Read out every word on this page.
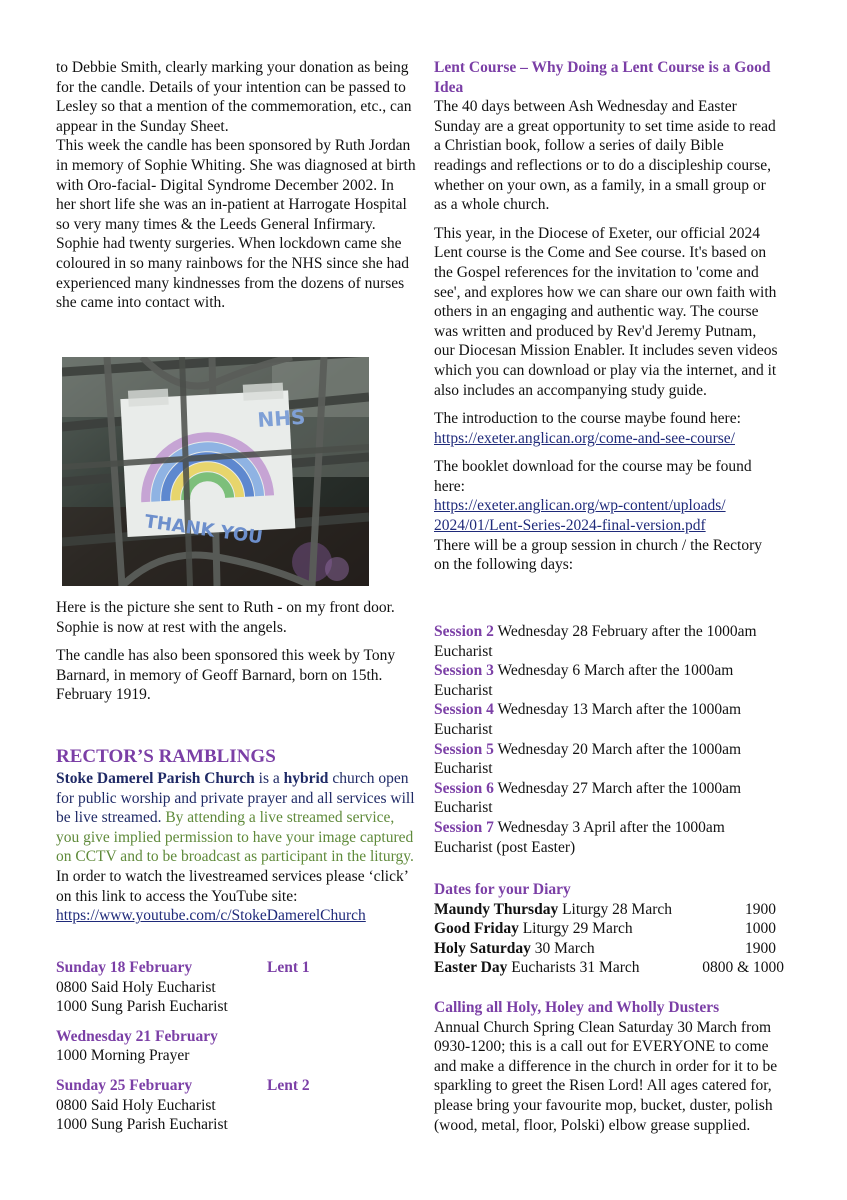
to Debbie Smith, clearly marking your donation as being for the candle. Details of your intention can be passed to Lesley so that a mention of the commemoration, etc., can appear in the Sunday Sheet.

This week the candle has been sponsored by Ruth Jordan in memory of Sophie Whiting. She was diagnosed at birth with Oro-facial- Digital Syndrome December 2002. In her short life she was an in-patient at Harrogate Hospital so very many times & the Leeds General Infirmary. Sophie had twenty surgeries. When lockdown came she coloured in so many rainbows for the NHS since she had experienced many kindnesses from the dozens of nurses she came into contact with.

Here is the picture she sent to Ruth - on my front door. Sophie is now at rest with the angels.

The candle has also been sponsored this week by Tony Barnard, in memory of Geoff Barnard, born on 15th. February 1919.

RECTOR’S RAMBLINGS

Stoke Damerel Parish Church is a hybrid church open for public worship and private prayer and all services will be live streamed. By attending a live streamed service, you give implied permission to have your image captured on CCTV and to be broadcast as participant in the liturgy.

In order to watch the livestreamed services please ‘click’ on this link to access the YouTube site:

https://www.youtube.com/c/StokeDamerelChurch
Sunday 18 February	Lent 1
0800 Said Holy Eucharist
1000 Sung Parish Eucharist
Wednesday 21 February
1000 Morning Prayer
Sunday 25 February	Lent 2
0800 Said Holy Eucharist
1000 Sung Parish Eucharist
NHS
THANK YOU
Lent Course – Why Doing a Lent Course is a Good Idea

The 40 days between Ash Wednesday and Easter Sunday are a great opportunity to set time aside to read a Christian book, follow a series of daily Bible readings and reflections or to do a discipleship course, whether on your own, as a family, in a small group or as a whole church.

This year, in the Diocese of Exeter, our official 2024 Lent course is the Come and See course. It's based on the Gospel references for the invitation to 'come and see', and explores how we can share our own faith with others in an engaging and authentic way. The course was written and produced by Rev'd Jeremy Putnam, our Diocesan Mission Enabler. It includes seven videos which you can download or play via the internet, and it also includes an accompanying study guide.

The introduction to the course maybe found here:

https://exeter.anglican.org/come-and-see-course/

The booklet download for the course may be found here:

https://exeter.anglican.org/wp-content/uploads/
2024/01/Lent-Series-2024-final-version.pdf

There will be a group session in church / the Rectory on the following days:

Session 2 Wednesday 28 February after the 1000am Eucharist

Session 3 Wednesday 6 March after the 1000am Eucharist

Session 4 Wednesday 13 March after the 1000am Eucharist

Session 5 Wednesday 20 March after the 1000am Eucharist

Session 6 Wednesday 27 March after the 1000am Eucharist

Session 7 Wednesday 3 April after the 1000am Eucharist (post Easter)

Dates for your Diary
Maundy Thursday Liturgy 28 March	1900
Good Friday Liturgy 29 March	1000
Holy Saturday 30 March	1900
Easter Day Eucharists 31 March	0800 & 1000
Calling all Holy, Holey and Wholly Dusters

Annual Church Spring Clean Saturday 30 March from 0930-1200; this is a call out for EVERYONE to come and make a difference in the church in order for it to be sparkling to greet the Risen Lord! All ages catered for, please bring your favourite mop, bucket, duster, polish (wood, metal, floor, Polski) elbow grease supplied.
